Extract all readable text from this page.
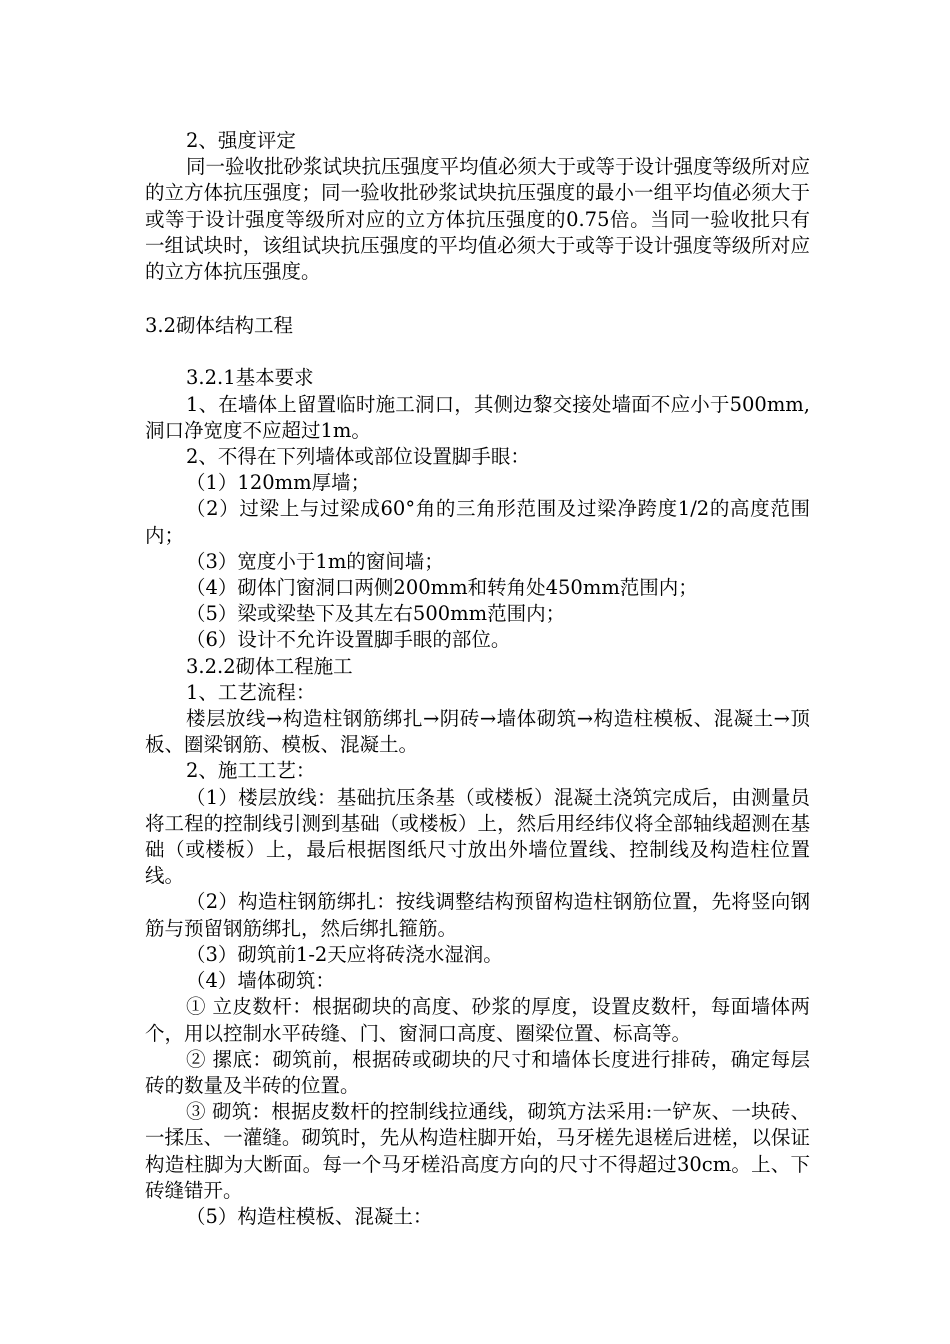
2、强度评定

同一验收批砂浆试块抗压强度平均值必须大于或等于设计强度等级所对应的立方体抗压强度；同一验收批砂浆试块抗压强度的最小一组平均值必须大于或等于设计强度等级所对应的立方体抗压强度的0.75倍。当同一验收批只有一组试块时，该组试块抗压强度的平均值必须大于或等于设计强度等级所对应的立方体抗压强度。

3.2砌体结构工程

3.2.1基本要求

1、在墙体上留置临时施工洞口，其侧边黎交接处墙面不应小于500mm,洞口净宽度不应超过1m。

2、不得在下列墙体或部位设置脚手眼：

（1）120mm厚墙；

（2）过梁上与过梁成60°角的三角形范围及过梁净跨度1/2的高度范围内；

（3）宽度小于1m的窗间墙；

（4）砌体门窗洞口两侧200mm和转角处450mm范围内；

（5）梁或梁垫下及其左右500mm范围内；

（6）设计不允许设置脚手眼的部位。

3.2.2砌体工程施工

1、工艺流程：

楼层放线→构造柱钢筋绑扎→阴砖→墙体砌筑→构造柱模板、混凝土→顶板、圈梁钢筋、模板、混凝土。

2、施工工艺：

（1）楼层放线：基础抗压条基（或楼板）混凝土浇筑完成后，由测量员将工程的控制线引测到基础（或楼板）上，然后用经纬仪将全部轴线超测在基础（或楼板）上，最后根据图纸尺寸放出外墙位置线、控制线及构造柱位置线。

（2）构造柱钢筋绑扎：按线调整结构预留构造柱钢筋位置，先将竖向钢筋与预留钢筋绑扎，然后绑扎箍筋。

（3）砌筑前1-2天应将砖浇水湿润。

（4）墙体砌筑：

① 立皮数杆：根据砌块的高度、砂浆的厚度，设置皮数杆，每面墙体两个，用以控制水平砖缝、门、窗洞口高度、圈梁位置、标高等。

② 摞底：砌筑前，根据砖或砌块的尺寸和墙体长度进行排砖，确定每层砖的数量及半砖的位置。

③ 砌筑：根据皮数杆的控制线拉通线，砌筑方法采用:一铲灰、一块砖、一揉压、一灌缝。砌筑时，先从构造柱脚开始，马牙槎先退槎后进槎，以保证构造柱脚为大断面。每一个马牙槎沿高度方向的尺寸不得超过30cm。上、下砖缝错开。

（5）构造柱模板、混凝土：
